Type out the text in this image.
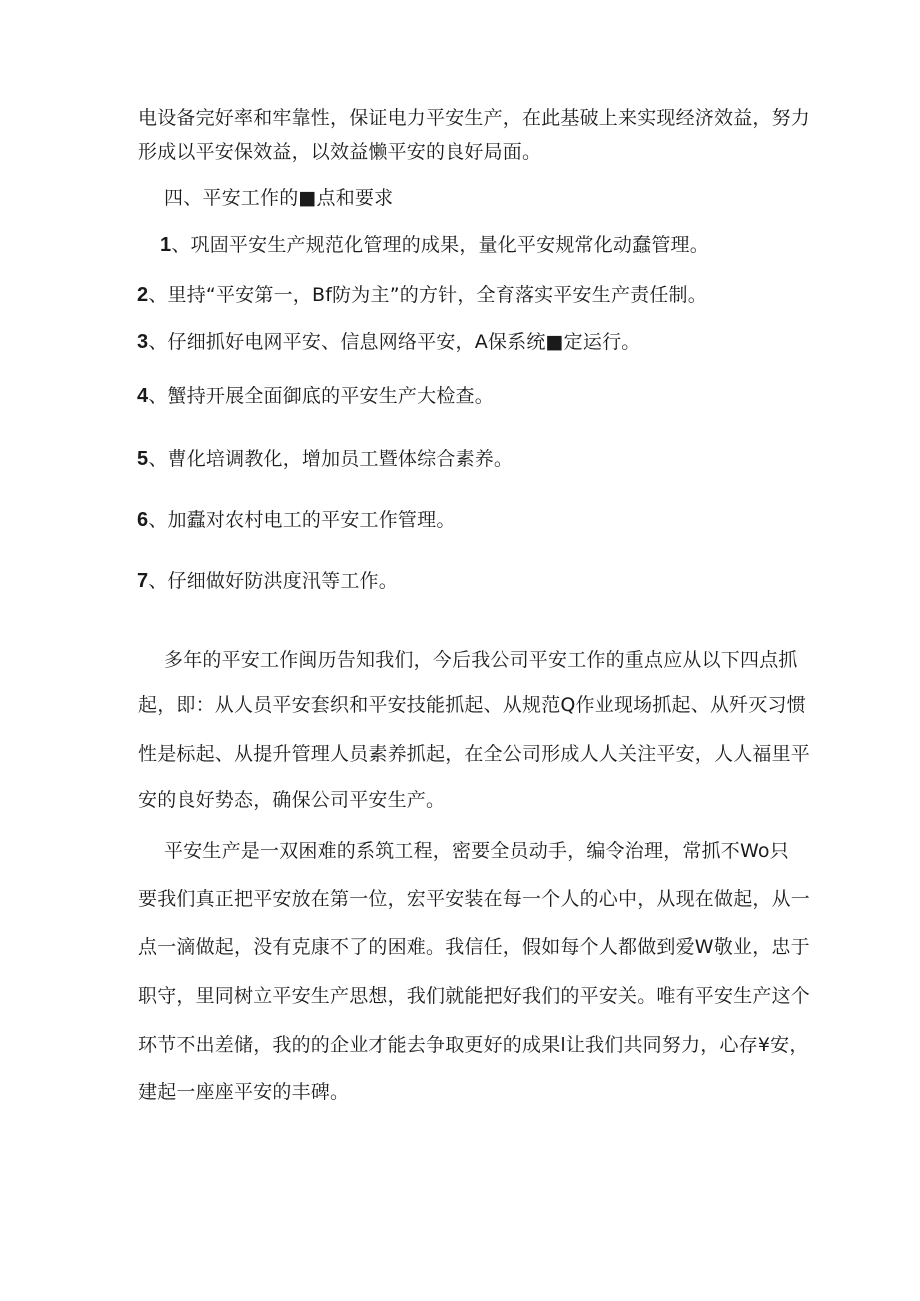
电设备完好率和牢靠性，保证电力平安生产，在此基破上来实现经济效益，努力
形成以平安保效益，以效益懒平安的良好局面。
四、平安工作的■点和要求
1、巩固平安生产规范化管理的成果，量化平安规常化动蠢管理。
2、里持“平安第一，Bf防为主”的方针，全育落实平安生产责任制。
3、仔细抓好电网平安、信息网络平安，A保系统■定运行。
4、蟹持开展全面御底的平安生产大检查。
5、曹化培调教化，增加员工暨体综合素养。
6、加蠹对农村电工的平安工作管理。
7、仔细做好防洪度汛等工作。
多年的平安工作闽历告知我们，今后我公司平安工作的重点应从以下四点抓
起，即：从人员平安套织和平安技能抓起、从规范Q作业现场抓起、从歼灭习惯
性是标起、从提升管理人员素养抓起，在全公司形成人人关注平安，人人福里平
安的良好势态，确保公司平安生产。
平安生产是一双困难的系筑工程，密要全员动手，编令治理，常抓不Wo只
要我们真正把平安放在第一位，宏平安装在每一个人的心中，从现在做起，从一
点一滴做起，没有克康不了的困难。我信任，假如每个人都做到爱W敬业，忠于
职守，里同树立平安生产思想，我们就能把好我们的平安关。唯有平安生产这个
环节不出差储，我的的企业才能去争取更好的成果l让我们共同努力，心存¥安，
建起一座座平安的丰碑。
